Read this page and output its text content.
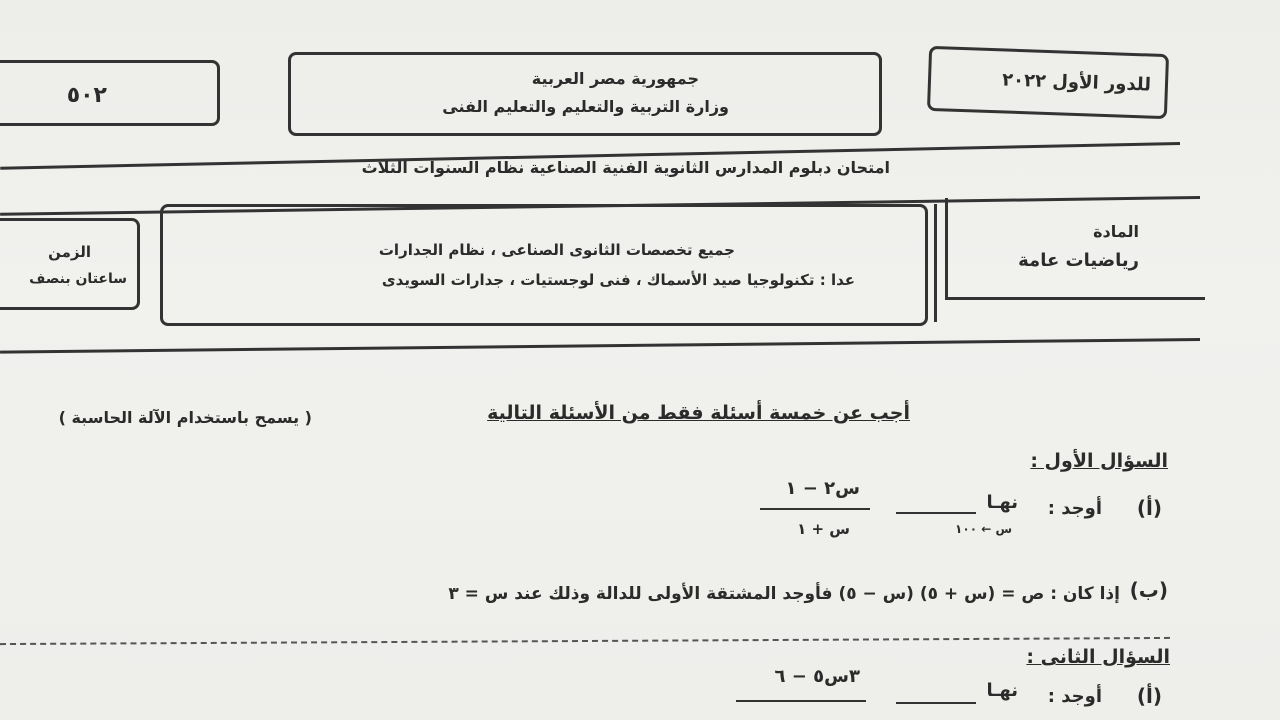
للدور الأول ٢٠٢٢
جمهورية مصر العربية
وزارة التربية والتعليم والتعليم الفنى
٥٠٢
امتحان دبلوم المدارس الثانوية الفنية الصناعية نظام السنوات الثلاث
المادة
رياضيات عامة
جميع تخصصات الثانوى الصناعى ، نظام الجدارات
عدا : تكنولوجيا صيد الأسماك ، فنى لوجستيات ، جدارات السويدى
الزمن
ساعتان بنصف
أجب عن خمسة أسئلة فقط من الأسئلة التالية
( يسمح باستخدام الآلة الحاسبة )
السؤال الأول :
(أ)
أوجد :
نهـا
س ← ١٠٠
س٢ − ١
س + ١
(ب)
إذا كان : ص = (س + ٥) (س − ٥) فأوجد المشتقة الأولى للدالة وذلك عند س = ٣
السؤال الثانى :
(أ)
أوجد :
نهـا
٣س٥ − ٦
